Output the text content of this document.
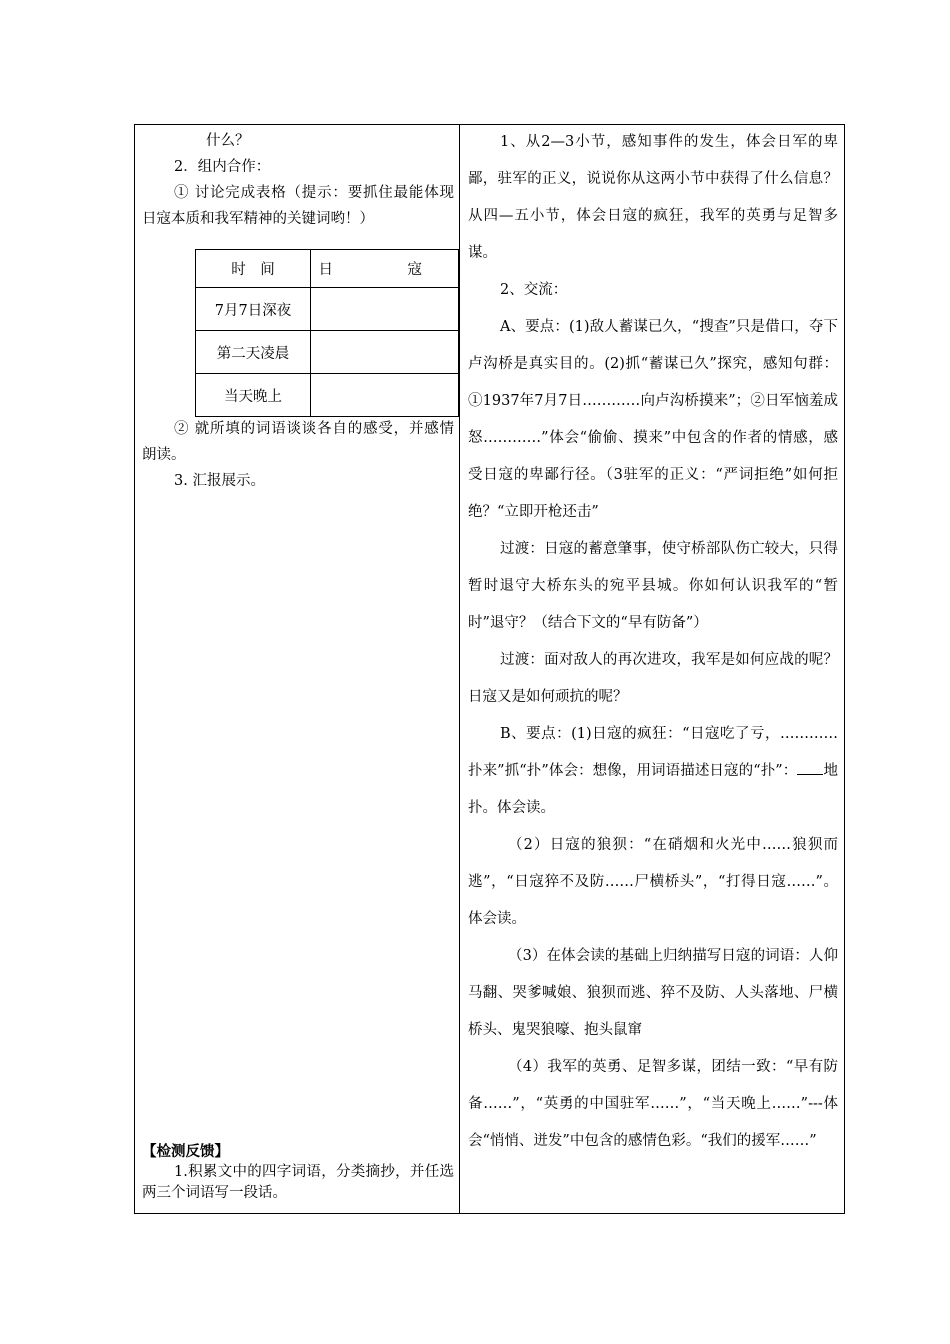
什么？

2．组内合作：

① 讨论完成表格（提示：要抓住最能体现日寇本质和我军精神的关键词哟！）

时　间	日　寇
7月7日深夜	
第二天凌晨	
当天晚上	

② 就所填的词语谈谈各自的感受，并感情朗读。

3. 汇报展示。

【检测反馈】

1.积累文中的四字词语，分类摘抄，并任选两三个词语写一段话。

1、从2—3小节，感知事件的发生，体会日军的卑鄙，驻军的正义，说说你从这两小节中获得了什么信息？从四—五小节，体会日寇的疯狂，我军的英勇与足智多谋。

2、交流：

A、要点：(1)敌人蓄谋已久，“搜查”只是借口，夺下卢沟桥是真实目的。(2)抓“蓄谋已久”探究，感知句群：①1937年7月7日…………向卢沟桥摸来”；②日军恼羞成怒…………”体会“偷偷、摸来”中包含的作者的情感，感受日寇的卑鄙行径。（3驻军的正义：“严词拒绝”如何拒绝？“立即开枪还击”

过渡：日寇的蓄意肇事，使守桥部队伤亡较大，只得暂时退守大桥东头的宛平县城。你如何认识我军的“暂时”退守？（结合下文的“早有防备”）

过渡：面对敌人的再次进攻，我军是如何应战的呢？日寇又是如何顽抗的呢？

B、要点：(1)日寇的疯狂：“日寇吃了亏，…………扑来”抓“扑”体会：想像，用词语描述日寇的“扑”： 地扑。体会读。

（2）日寇的狼狈：“在硝烟和火光中……狼狈而逃”，“日寇猝不及防……尸横桥头”，“打得日寇……”。体会读。

（3）在体会读的基础上归纳描写日寇的词语：人仰马翻、哭爹喊娘、狼狈而逃、猝不及防、人头落地、尸横桥头、鬼哭狼嚎、抱头鼠窜

（4）我军的英勇、足智多谋，团结一致：“早有防备……”，“英勇的中国驻军……”，“当天晚上……”---体会“悄悄、迸发”中包含的感情色彩。“我们的援军……”
